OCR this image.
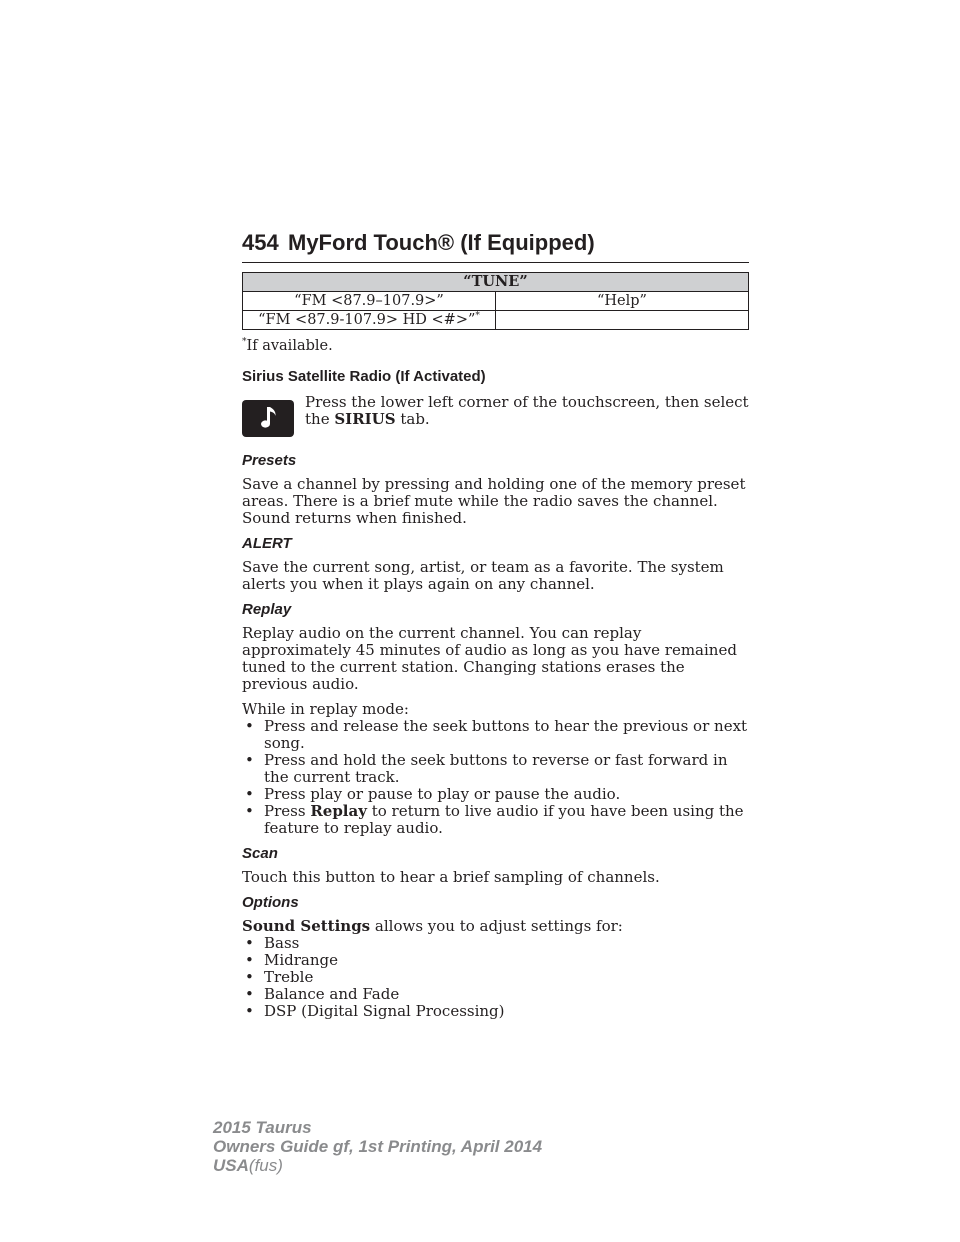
454 MyFord Touch® (If Equipped)
“TUNE”	
“FM <87.9–107.9>”	“Help”
“FM <87.9-107.9> HD <#>”*	
*If available.
Sirius Satellite Radio (If Activated)
Press the lower left corner of the touchscreen, then select the SIRIUS tab.
Presets

Save a channel by pressing and holding one of the memory preset areas. There is a brief mute while the radio saves the channel. Sound returns when finished.

ALERT

Save the current song, artist, or team as a favorite. The system alerts you when it plays again on any channel.

Replay

Replay audio on the current channel. You can replay approximately 45 minutes of audio as long as you have remained tuned to the current station. Changing stations erases the previous audio.

While in replay mode:

• Press and release the seek buttons to hear the previous or next song.
• Press and hold the seek buttons to reverse or fast forward in the current track.
• Press play or pause to play or pause the audio.
• Press Replay to return to live audio if you have been using the feature to replay audio.
Scan

Touch this button to hear a brief sampling of channels.

Options

Sound Settings allows you to adjust settings for:

• Bass
• Midrange
• Treble
• Balance and Fade
• DSP (Digital Signal Processing)
2015 Taurus
Owners Guide gf, 1st Printing, April 2014
USA(fus)
